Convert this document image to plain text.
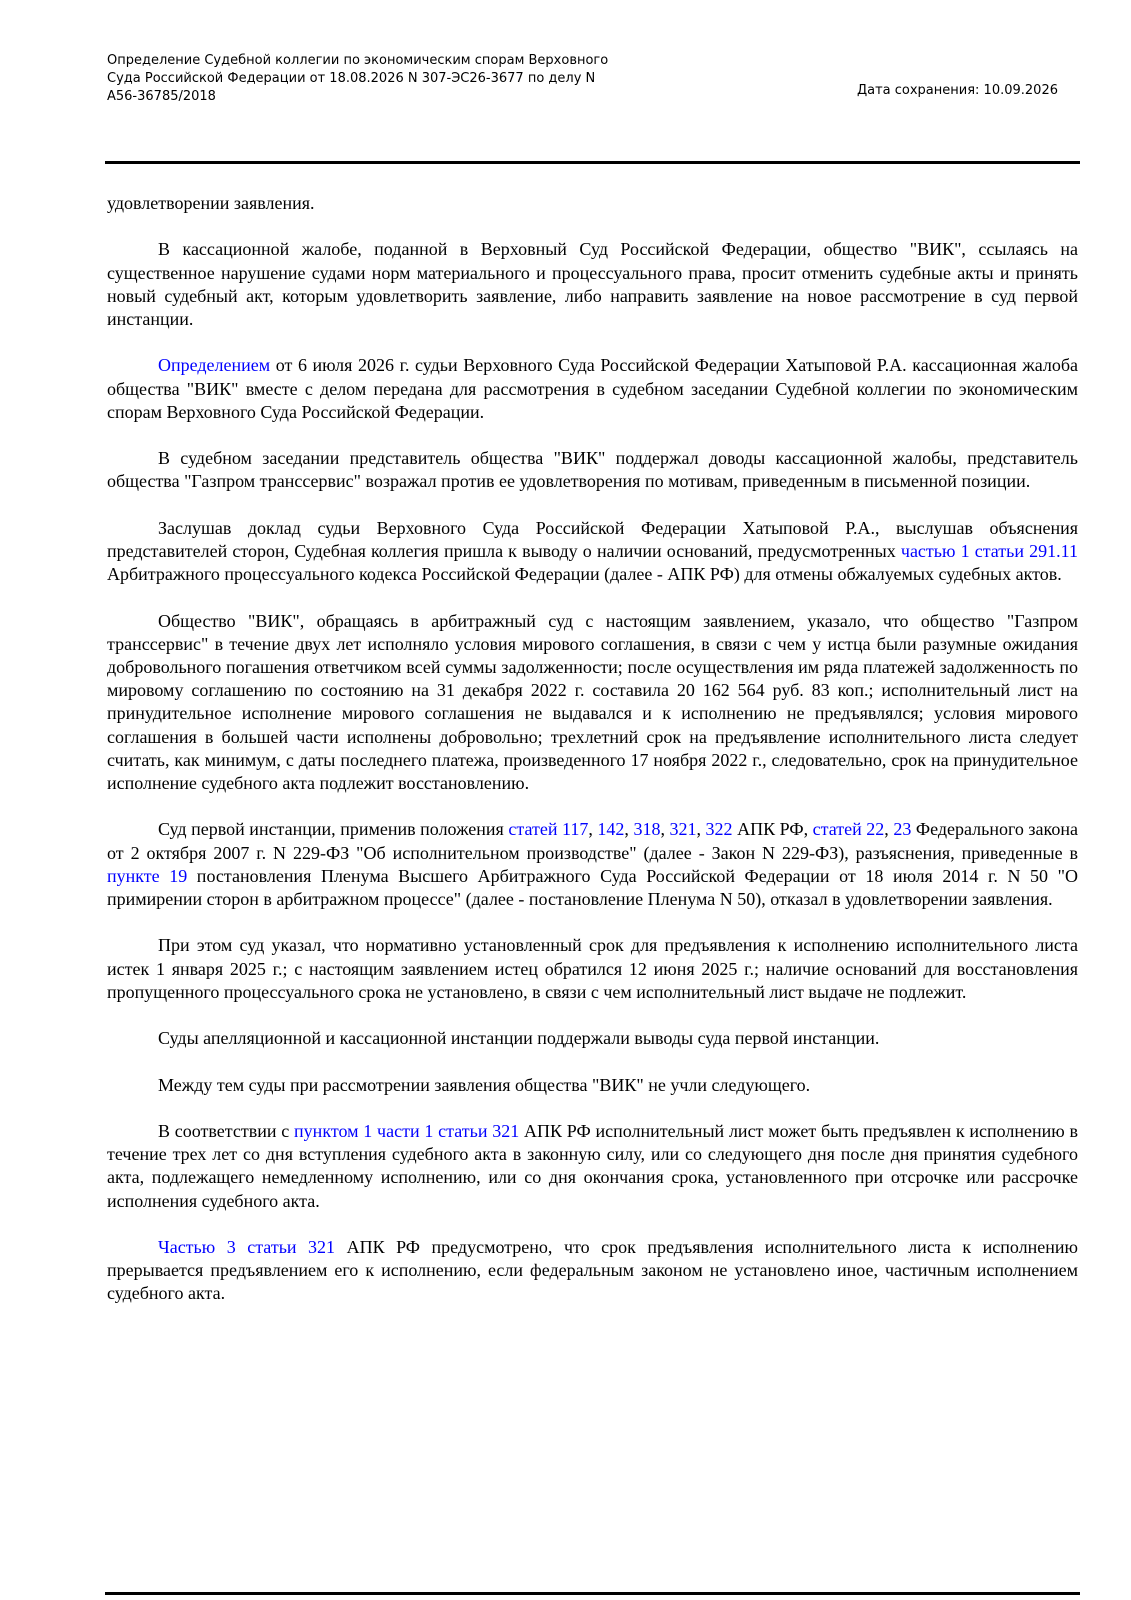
Определение Судебной коллегии по экономическим спорам Верховного
Суда Российской Федерации от 18.08.2026 N 307-ЭС26-3677 по делу N
А56-36785/2018	Дата сохранения: 10.09.2026

удовлетворении заявления.

В кассационной жалобе, поданной в Верховный Суд Российской Федерации, общество "ВИК", ссылаясь на существенное нарушение судами норм материального и процессуального права, просит отменить судебные акты и принять новый судебный акт, которым удовлетворить заявление, либо направить заявление на новое рассмотрение в суд первой инстанции.

Определением от 6 июля 2026 г. судьи Верховного Суда Российской Федерации Хатыповой Р.А. кассационная жалоба общества "ВИК" вместе с делом передана для рассмотрения в судебном заседании Судебной коллегии по экономическим спорам Верховного Суда Российской Федерации.

В судебном заседании представитель общества "ВИК" поддержал доводы кассационной жалобы, представитель общества "Газпром транссервис" возражал против ее удовлетворения по мотивам, приведенным в письменной позиции.

Заслушав доклад судьи Верховного Суда Российской Федерации Хатыповой Р.А., выслушав объяснения представителей сторон, Судебная коллегия пришла к выводу о наличии оснований, предусмотренных частью 1 статьи 291.11 Арбитражного процессуального кодекса Российской Федерации (далее - АПК РФ) для отмены обжалуемых судебных актов.

Общество "ВИК", обращаясь в арбитражный суд с настоящим заявлением, указало, что общество "Газпром транссервис" в течение двух лет исполняло условия мирового соглашения, в связи с чем у истца были разумные ожидания добровольного погашения ответчиком всей суммы задолженности; после осуществления им ряда платежей задолженность по мировому соглашению по состоянию на 31 декабря 2022 г. составила 20 162 564 руб. 83 коп.; исполнительный лист на принудительное исполнение мирового соглашения не выдавался и к исполнению не предъявлялся; условия мирового соглашения в большей части исполнены добровольно; трехлетний срок на предъявление исполнительного листа следует считать, как минимум, с даты последнего платежа, произведенного 17 ноября 2022 г., следовательно, срок на принудительное исполнение судебного акта подлежит восстановлению.

Суд первой инстанции, применив положения статей 117, 142, 318, 321, 322 АПК РФ, статей 22, 23 Федерального закона от 2 октября 2007 г. N 229-ФЗ "Об исполнительном производстве" (далее - Закон N 229-ФЗ), разъяснения, приведенные в пункте 19 постановления Пленума Высшего Арбитражного Суда Российской Федерации от 18 июля 2014 г. N 50 "О примирении сторон в арбитражном процессе" (далее - постановление Пленума N 50), отказал в удовлетворении заявления.

При этом суд указал, что нормативно установленный срок для предъявления к исполнению исполнительного листа истек 1 января 2025 г.; с настоящим заявлением истец обратился 12 июня 2025 г.; наличие оснований для восстановления пропущенного процессуального срока не установлено, в связи с чем исполнительный лист выдаче не подлежит.

Суды апелляционной и кассационной инстанции поддержали выводы суда первой инстанции.

Между тем суды при рассмотрении заявления общества "ВИК" не учли следующего.

В соответствии с пунктом 1 части 1 статьи 321 АПК РФ исполнительный лист может быть предъявлен к исполнению в течение трех лет со дня вступления судебного акта в законную силу, или со следующего дня после дня принятия судебного акта, подлежащего немедленному исполнению, или со дня окончания срока, установленного при отсрочке или рассрочке исполнения судебного акта.

Частью 3 статьи 321 АПК РФ предусмотрено, что срок предъявления исполнительного листа к исполнению прерывается предъявлением его к исполнению, если федеральным законом не установлено иное, частичным исполнением судебного акта.
